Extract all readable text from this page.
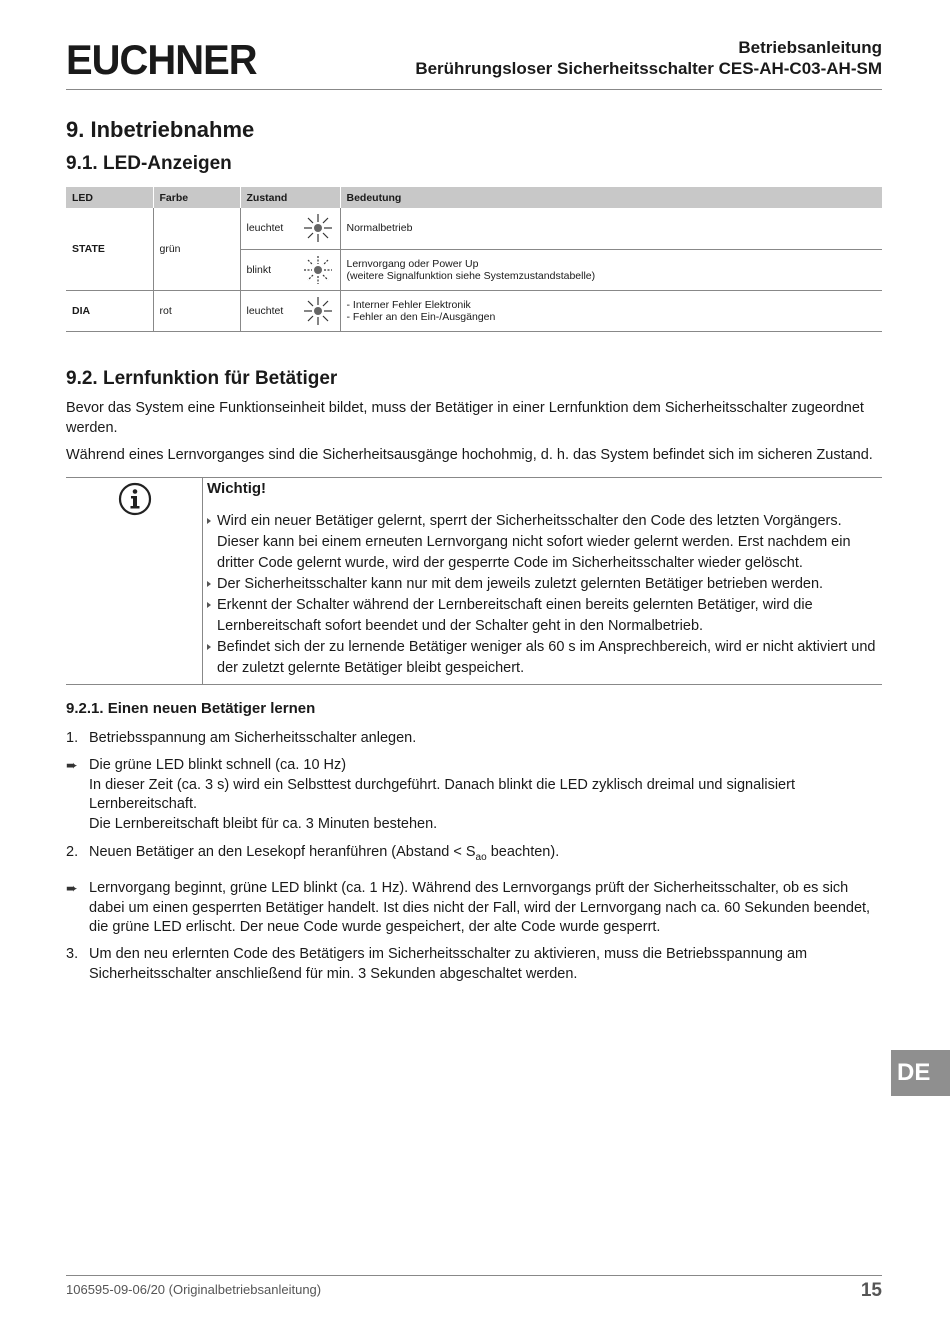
EUCHNER	Betriebsanleitung
Berührungsloser Sicherheitsschalter CES-AH-C03-AH-SM
9. Inbetriebnahme
9.1. LED-Anzeigen
LED	Farbe	Zustand	Bedeutung
STATE	grün	leuchtet	Normalbetrieb

		blinkt	Lernvorgang oder Power Up
(weitere Signalfunktion siehe Systemzustandstabelle)

DIA	rot	leuchtet	- Interner Fehler Elektronik
- Fehler an den Ein-/Ausgängen
9.2. Lernfunktion für Betätiger
Bevor das System eine Funktionseinheit bildet, muss der Betätiger in einer Lernfunktion dem Sicherheitsschalter zugeordnet werden.
Während eines Lernvorganges sind die Sicherheitsausgänge hochohmig, d. h. das System befindet sich im sicheren Zustand.
Wichtig!
Wird ein neuer Betätiger gelernt, sperrt der Sicherheitsschalter den Code des letzten Vorgängers. Dieser kann bei einem erneuten Lernvorgang nicht sofort wieder gelernt werden. Erst nachdem ein dritter Code gelernt wurde, wird der gesperrte Code im Sicherheitsschalter wieder gelöscht.
Der Sicherheitsschalter kann nur mit dem jeweils zuletzt gelernten Betätiger betrieben werden.
Erkennt der Schalter während der Lernbereitschaft einen bereits gelernten Betätiger, wird die Lernbereitschaft sofort beendet und der Schalter geht in den Normalbetrieb.
Befindet sich der zu lernende Betätiger weniger als 60 s im Ansprechbereich, wird er nicht aktiviert und der zuletzt gelernte Betätiger bleibt gespeichert.
9.2.1. Einen neuen Betätiger lernen
1. Betriebsspannung am Sicherheitsschalter anlegen.
➨ Die grüne LED blinkt schnell (ca. 10 Hz)
In dieser Zeit (ca. 3 s) wird ein Selbsttest durchgeführt. Danach blinkt die LED zyklisch dreimal und signalisiert Lernbereitschaft.
Die Lernbereitschaft bleibt für ca. 3 Minuten bestehen.
2. Neuen Betätiger an den Lesekopf heranführen ($Abstand < S_{ao}$ beachten).
➨ Lernvorgang beginnt, grüne LED blinkt (ca. 1 Hz). Während des Lernvorgangs prüft der Sicherheitsschalter, ob es sich dabei um einen gesperrten Betätiger handelt. Ist dies nicht der Fall, wird der Lernvorgang nach ca. 60 Sekunden beendet, die grüne LED erlischt. Der neue Code wurde gespeichert, der alte Code wurde gesperrt.
3. Um den neu erlernten Code des Betätigers im Sicherheitsschalter zu aktivieren, muss die Betriebsspannung am Sicherheitsschalter anschließend für min. 3 Sekunden abgeschaltet werden.
DE
106595-09-06/20 (Originalbetriebsanleitung)	15
